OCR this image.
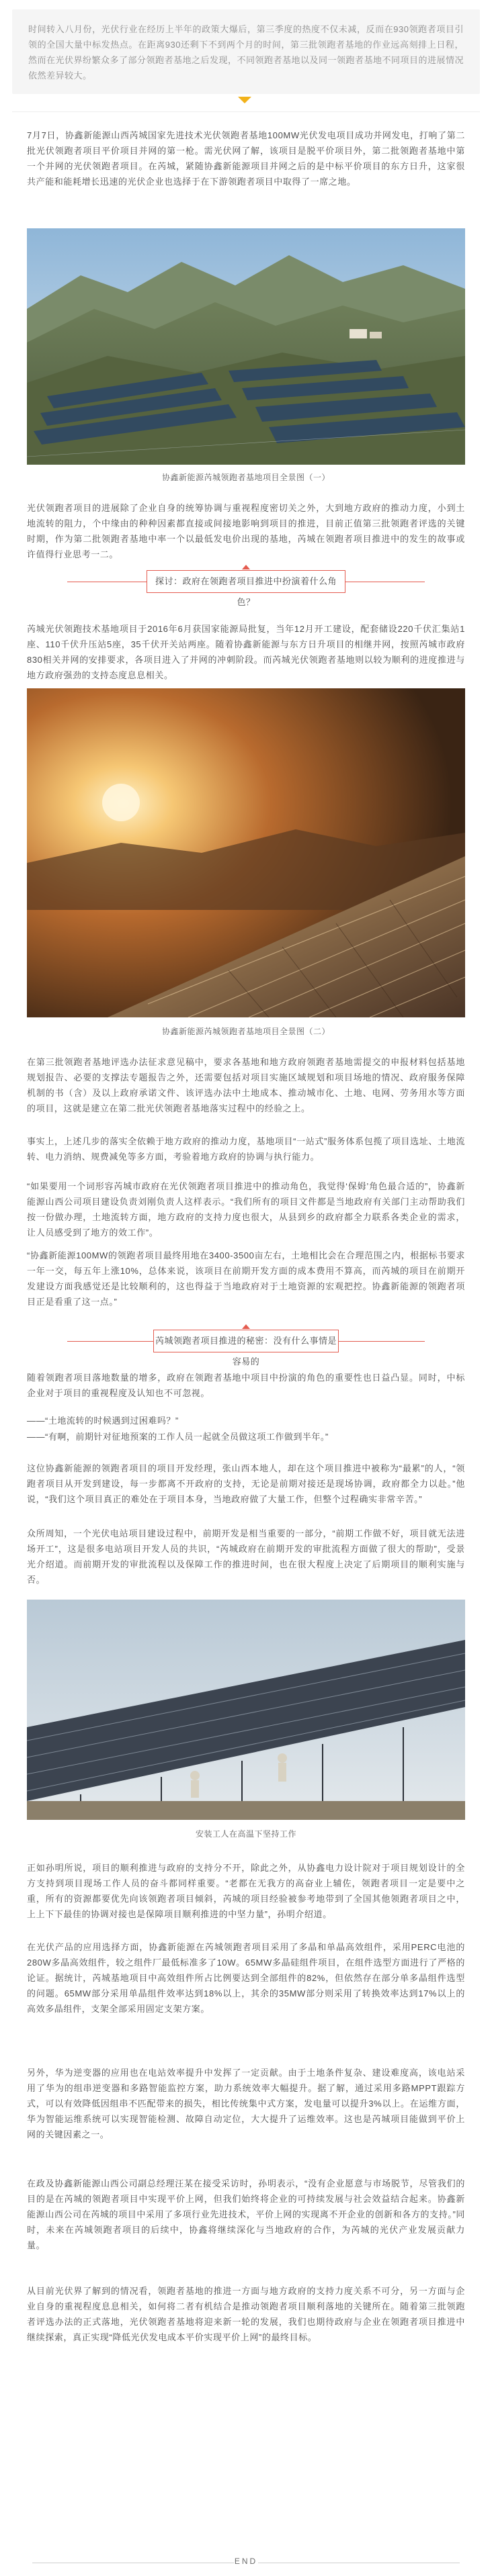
时间转入八月份，光伏行业在经历上半年的政策大爆后，第三季度的热度不仅未减，反而在930领跑者项目引领的全国大量中标发热点。在距离930还剩下不到两个月的时间，第三批领跑者基地的作业远高刻排上日程，然而在光伏界纷繁众多了部分领跑者基地之后发现，不同领跑者基地以及同一领跑者基地不同项目的进展情况依然差异较大。

7月7日，协鑫新能源山西芮城国家先进技术光伏领跑者基地100MW光伏发电项目成功并网发电，打响了第二批光伏领跑者项目平价项目并网的第一枪。需光伏网了解，该项目是脱平价项目外，第二批领跑者基地中第一个并网的光伏领跑者项目。在芮城，紧随协鑫新能源项目并网之后的是中标平价项目的东方日升，这家很共产能和能耗增长迅速的光伏企业也选择于在下游领跑者项目中取得了一席之地。

协鑫新能源芮城领跑者基地项目全景图（一）

光伏领跑者项目的进展除了企业自身的统筹协调与重视程度密切关之外，大到地方政府的推动力度，小到土地流转的阻力，个中缘由的种种因素都直接或间接地影响到项目的推进，目前正值第三批领跑者评选的关键时期，作为第二批领跑者基地中率一个以最低发电价出现的基地，芮城在领跑者项目推进中的发生的故事或许值得行业思考一二。

探讨：政府在领跑者项目推进中扮演着什么角色？

芮城光伏领跑技术基地项目于2016年6月获国家能源局批复，当年12月开工建设，配套储设220千伏汇集站1座、110千伏升压站5座，35千伏开关站两座。随着协鑫新能源与东方日升项目的相继并网，按照芮城市政府830相关并网的安排要求，各项目进入了并网的冲刺阶段。而芮城光伏领跑者基地则以较为顺利的进度推进与地方政府强劲的支持态度息息相关。

协鑫新能源芮城领跑者基地项目全景图（二）

在第三批领跑者基地评选办法征求意见稿中，要求各基地和地方政府领跑者基地需提交的申报材料包括基地规划报告、必要的支撑法专题报告之外，还需要包括对项目实施区域规划和项目场地的情况、政府服务保障机制的书（含）及以上政府承诺文件、该评选办法中土地成本、推动城市化、土地、电网、劳务用水等方面的项目，这就是建立在第二批光伏领跑者基地落实过程中的经验之上。

事实上，上述几步的落实全依赖于地方政府的推动力度，基地项目“一站式”服务体系包揽了项目选址、土地流转、电力消纳、规费减免等多方面，考验着地方政府的协调与执行能力。

“如果要用一个词形容芮城市政府在光伏领跑者项目推进中的推动角色，我觉得‘保姆’角色最合适的”，协鑫新能源山西公司项目建设负责刘刚负责人这样表示。“我们所有的项目文件都是当地政府有关部门主动帮助我们按一份做办理，土地流转方面，地方政府的支持力度也很大，从县到乡的政府都全力联系各类企业的需求，让人员感受到了地方的效工作”。

“协鑫新能源100MW的领跑者项目最终用地在3400-3500亩左右，土地相比会在合理范围之内，根据标书要求一年一交，每五年上涨10%，总体来说，该项目在前期开发方面的成本费用不算高，而芮城的项目在前期开发建设方面我感觉还是比较顺利的，这也得益于当地政府对于土地资源的宏观把控。协鑫新能源的领跑者项目正是看重了这一点。”

芮城领跑者项目推进的秘密：没有什么事情是容易的

随着领跑者项目落地数量的增多，政府在领跑者基地中项目中扮演的角色的重要性也日益凸显。同时，中标企业对于项目的重视程度及认知也不可忽视。

——“土地流转的时候遇到过困难吗？”

——“有啊，前期针对征地预案的工作人员一起就全员做这项工作做到半年。”

这位协鑫新能源的领跑者项目的项目开发经理，张山西本地人，却在这个项目推进中被称为“最累”的人，“领跑者项目从开发到建设，每一步都离不开政府的支持，无论是前期对接还是现场协调，政府都全力以赴。”他说，“我们这个项目真正的难处在于项目本身，当地政府做了大量工作，但整个过程确实非常辛苦。”

众所周知，一个光伏电站项目建设过程中，前期开发是相当重要的一部分，“前期工作做不好，项目就无法进场开工”，这是很多电站项目开发人员的共识，“芮城政府在前期开发的审批流程方面做了很大的帮助”，受景光介绍道。而前期开发的审批流程以及保障工作的推进时间，也在很大程度上决定了后期项目的顺利实施与否。

安装工人在高温下坚持工作

正如孙明所说，项目的顺利推进与政府的支持分不开，除此之外，从协鑫电力设计院对于项目规划设计的全方支持到项目现场工作人员的奋斗都同样重要。“老都在无我方的高奋业上辅佐，领跑者项目一定是要中之重，所有的资源都要优先向该领跑者项目倾斜，芮城的项目经验被参考地带到了全国其他领跑者项目之中，上上下下最佳的协调对接也是保障项目顺利推进的中坚力量”，孙明介绍道。

在光伏产品的应用选择方面，协鑫新能源在芮城领跑者项目采用了多晶和单晶高效组件，采用PERC电池的280W多晶高效组件，较之组件厂最低标准多了10W。65MW多晶硅组件项目，在组件选型方面进行了严格的论证。据统计，芮城基地项目中高效组件所占比例要达到全部组件的82%，但依然存在部分单多晶组件选型的问题。65MW部分采用单晶组件效率达到18%以上，其余的35MW部分则采用了转换效率达到17%以上的高效多晶组件，支架全部采用固定支架方案。

另外，华为逆变器的应用也在电站效率提升中发挥了一定贡献。由于土地条件复杂、建设难度高，该电站采用了华为的组串逆变器和多路智能监控方案，助力系统效率大幅提升。据了解，通过采用多路MPPT跟踪方式，可以有效降低因组串不匹配带来的损失，相比传统集中式方案，发电量可以提升3%以上。在运维方面，华为智能运维系统可以实现智能检测、故障自动定位，大大提升了运维效率。这也是芮城项目能做到平价上网的关键因素之一。

在政及协鑫新能源山西公司副总经理汪某在接受采访时，孙明表示，“没有企业愿意与市场脱节，尽管我们的目的是在芮城的领跑者项目中实现平价上网，但我们始终将企业的可持续发展与社会效益结合起来。协鑫新能源山西公司在芮城的项目中采用了多项行业先进技术，平价上网的实现离不开企业的创新和各方的支持。”同时，未来在芮城领跑者项目的后续中，协鑫将继续深化与当地政府的合作，为芮城的光伏产业发展贡献力量。

从目前光伏界了解到的情况看，领跑者基地的推进一方面与地方政府的支持力度关系不可分，另一方面与企业自身的重视程度息息相关，如何将二者有机结合是推动领跑者项目顺利落地的关键所在。随着第三批领跑者评选办法的正式落地，光伏领跑者基地将迎来新一轮的发展，我们也期待政府与企业在领跑者项目推进中继续探索，真正实现“降低光伏发电成本平价实现平价上网”的最终目标。

END
